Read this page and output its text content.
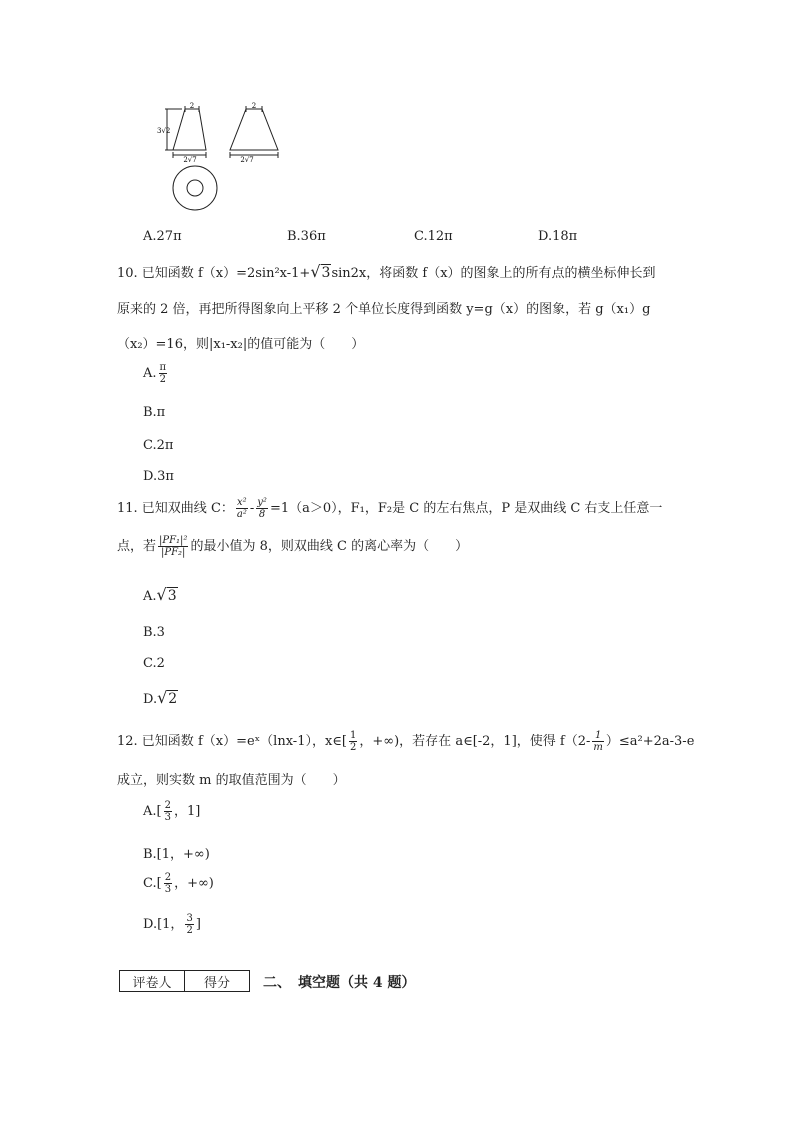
2
3√2
2√7
2
2√7
A.27π	B.36π	C.12π	D.18π
10. 已知函数 f（x）=2sin²x-1+√3sin2x，将函数 f（x）的图象上的所有点的横坐标伸长到
原来的 2 倍，再把所得图象向上平移 2 个单位长度得到函数 y=g（x）的图象，若 g（x₁）g
（x₂）=16，则|x₁-x₂|的值可能为（　　）
A. $\frac{\pi}{2}$
B.π
C.2π
D.3π
11. 已知双曲线 C： $\frac{\text{x²}}{\text{a²}} - \frac{\text{y²}}{8} =1(a>0)$，F₁，F₂是 C 的左右焦点，P 是双曲线 C 右支上任意一
点，若 $\frac{\text{|PF₁|²}}{\text{|PF₂|}}$ 的最小值为 8，则双曲线 C 的离心率为（　　）
A.√3
B.3
C.2
D.√2
12. 已知函数 f（x）=eˣ（lnx-1），x∈[ $\frac{1}{2}$ ，+∞)，若存在 a∈[-2，1]，使得 $f(2- \frac{1}{m} )\le a^2+2a-3-e$
成立，则实数 m 的取值范围为（　　）
$A.[ \frac{2}{3}$ ，1]
B.[1，+∞)
$C.[ \frac{2}{3}$ ，+∞)
D.[1， $\frac{3}{2}$ ]
评卷人	得分 二、　填空题（共 4 题）
